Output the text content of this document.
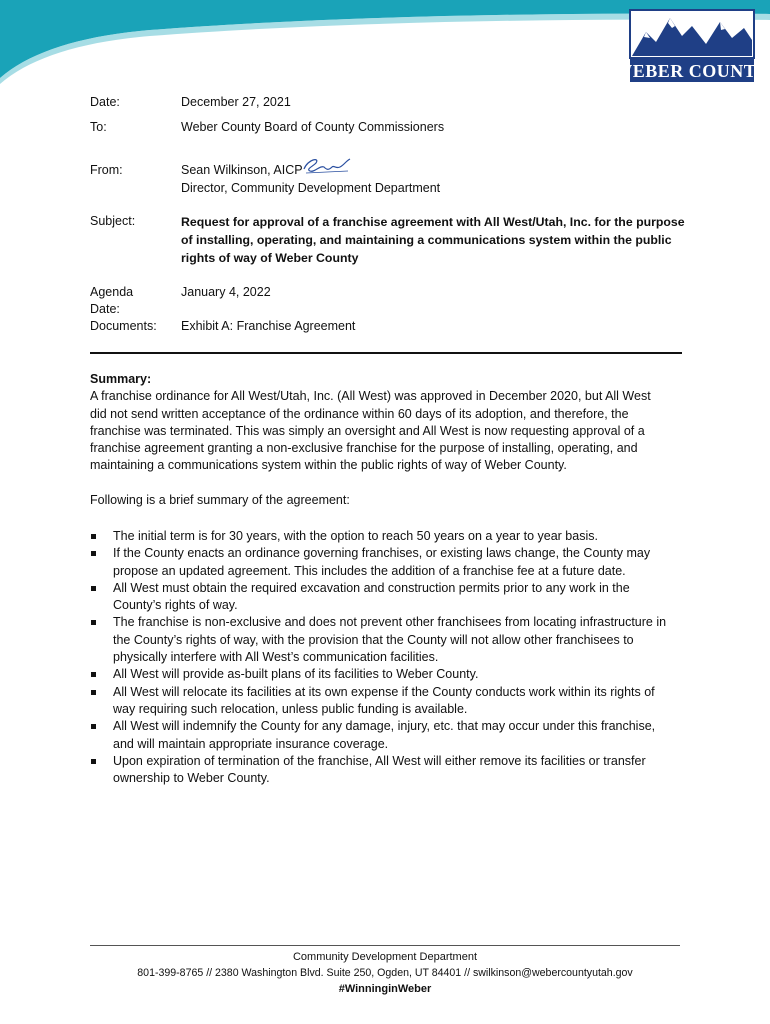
WEBER COUNTY
Date:	December 27, 2021
To:	Weber County Board of County Commissioners
From:	Sean Wilkinson, AICP
Director, Community Development Department
Subject:	Request for approval of a franchise agreement with All West/Utah, Inc. for the purpose
of installing, operating, and maintaining a communications system within the public
rights of way of Weber County
Agenda Date:
January 4, 2022
Documents: Exhibit A: Franchise Agreement
Summary:
A franchise ordinance for All West/Utah, Inc. (All West) was approved in December 2020, but All West
did not send written acceptance of the ordinance within 60 days of its adoption, and therefore, the
franchise was terminated. This was simply an oversight and All West is now requesting approval of a
franchise agreement granting a non-exclusive franchise for the purpose of installing, operating, and
maintaining a communications system within the public rights of way of Weber County.
Following is a brief summary of the agreement:
The initial term is for 30 years, with the option to reach 50 years on a year to year basis.
If the County enacts an ordinance governing franchises, or existing laws change, the County may
propose an updated agreement. This includes the addition of a franchise fee at a future date.
All West must obtain the required excavation and construction permits prior to any work in the
County’s rights of way.
The franchise is non-exclusive and does not prevent other franchisees from locating infrastructure in
the County’s rights of way, with the provision that the County will not allow other franchisees to
physically interfere with All West’s communication facilities.
All West will provide as-built plans of its facilities to Weber County.
All West will relocate its facilities at its own expense if the County conducts work within its rights of
way requiring such relocation, unless public funding is available.
All West will indemnify the County for any damage, injury, etc. that may occur under this franchise,
and will maintain appropriate insurance coverage.
Upon expiration of termination of the franchise, All West will either remove its facilities or transfer
ownership to Weber County.
Community Development Department
801-399-8765 // 2380 Washington Blvd. Suite 250, Ogden, UT 84401 // swilkinson@webercountyutah.gov
#WinninginWeber
